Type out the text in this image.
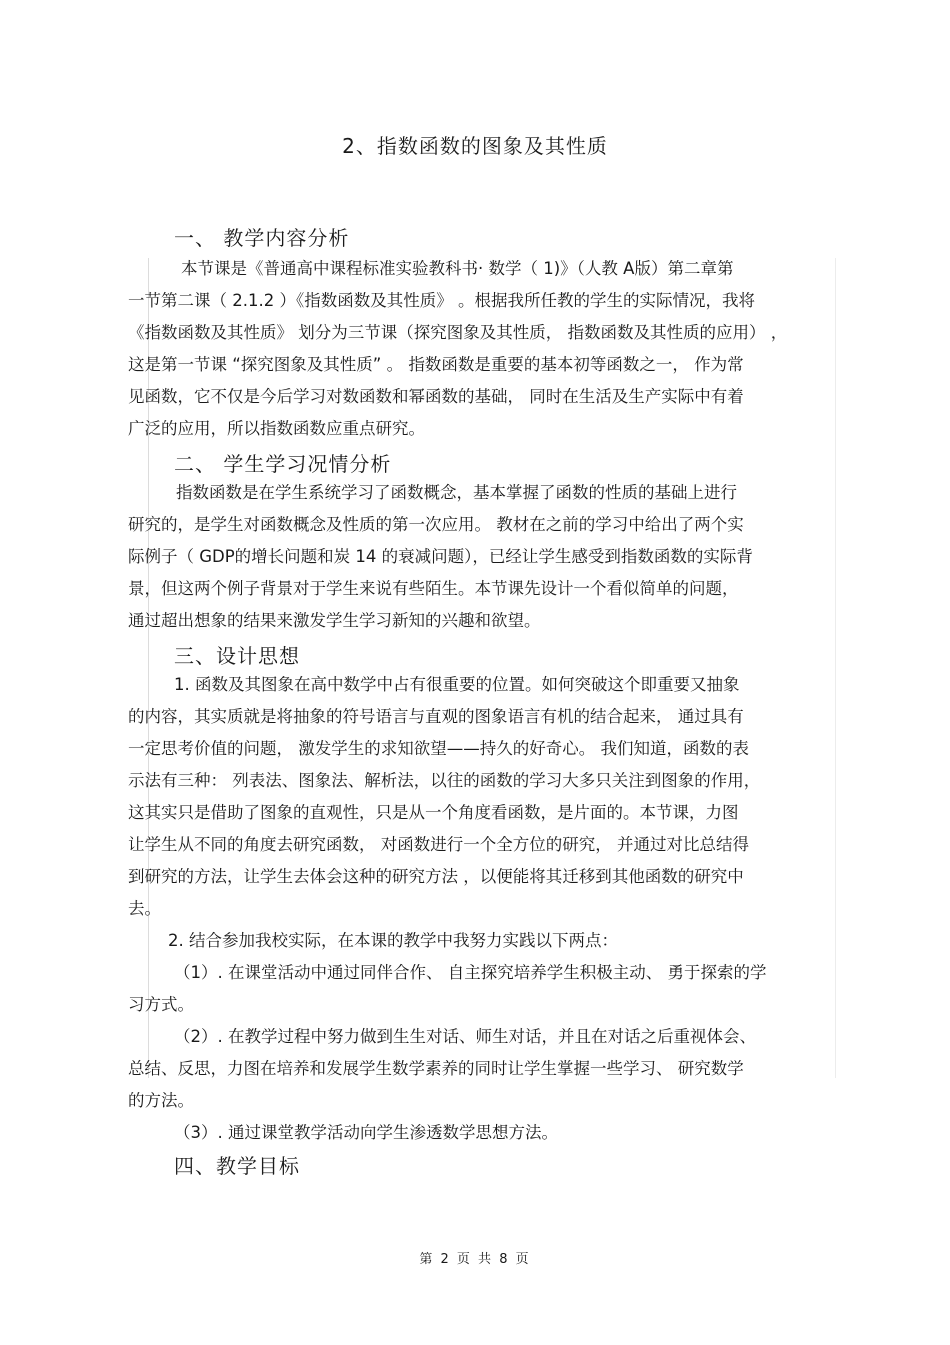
2、指数函数的图象及其性质
一、 教学内容分析
本节课是《普通高中课程标准实验教科书· 数学（ 1)》（人教 A版）第二章第
一节第二课（ 2.1.2 ）《指数函数及其性质》 。根据我所任教的学生的实际情况，我将
《指数函数及其性质》 划分为三节课（探究图象及其性质， 指数函数及其性质的应用） ，
这是第一节课 “探究图象及其性质” 。 指数函数是重要的基本初等函数之一， 作为常
见函数，它不仅是今后学习对数函数和幂函数的基础， 同时在生活及生产实际中有着
广泛的应用，所以指数函数应重点研究。
二、 学生学习况情分析
指数函数是在学生系统学习了函数概念，基本掌握了函数的性质的基础上进行
研究的，是学生对函数概念及性质的第一次应用。 教材在之前的学习中给出了两个实
际例子（ GDP的增长问题和炭 14 的衰减问题），已经让学生感受到指数函数的实际背
景，但这两个例子背景对于学生来说有些陌生。本节课先设计一个看似简单的问题，
通过超出想象的结果来激发学生学习新知的兴趣和欲望。
三、设计思想
1. 函数及其图象在高中数学中占有很重要的位置。如何突破这个即重要又抽象
的内容，其实质就是将抽象的符号语言与直观的图象语言有机的结合起来， 通过具有
一定思考价值的问题， 激发学生的求知欲望——持久的好奇心。 我们知道，函数的表
示法有三种： 列表法、图象法、解析法，以往的函数的学习大多只关注到图象的作用，
这其实只是借助了图象的直观性，只是从一个角度看函数，是片面的。本节课，力图
让学生从不同的角度去研究函数， 对函数进行一个全方位的研究， 并通过对比总结得
到研究的方法，让学生去体会这种的研究方法 ，以便能将其迁移到其他函数的研究中
去。
2. 结合参加我校实际，在本课的教学中我努力实践以下两点：
（1）. 在课堂活动中通过同伴合作、 自主探究培养学生积极主动、 勇于探索的学
习方式。
（2）. 在教学过程中努力做到生生对话、师生对话，并且在对话之后重视体会、
总结、反思，力图在培养和发展学生数学素养的同时让学生掌握一些学习、 研究数学
的方法。
（3）. 通过课堂教学活动向学生渗透数学思想方法。
四、教学目标
第 2 页 共 8 页
